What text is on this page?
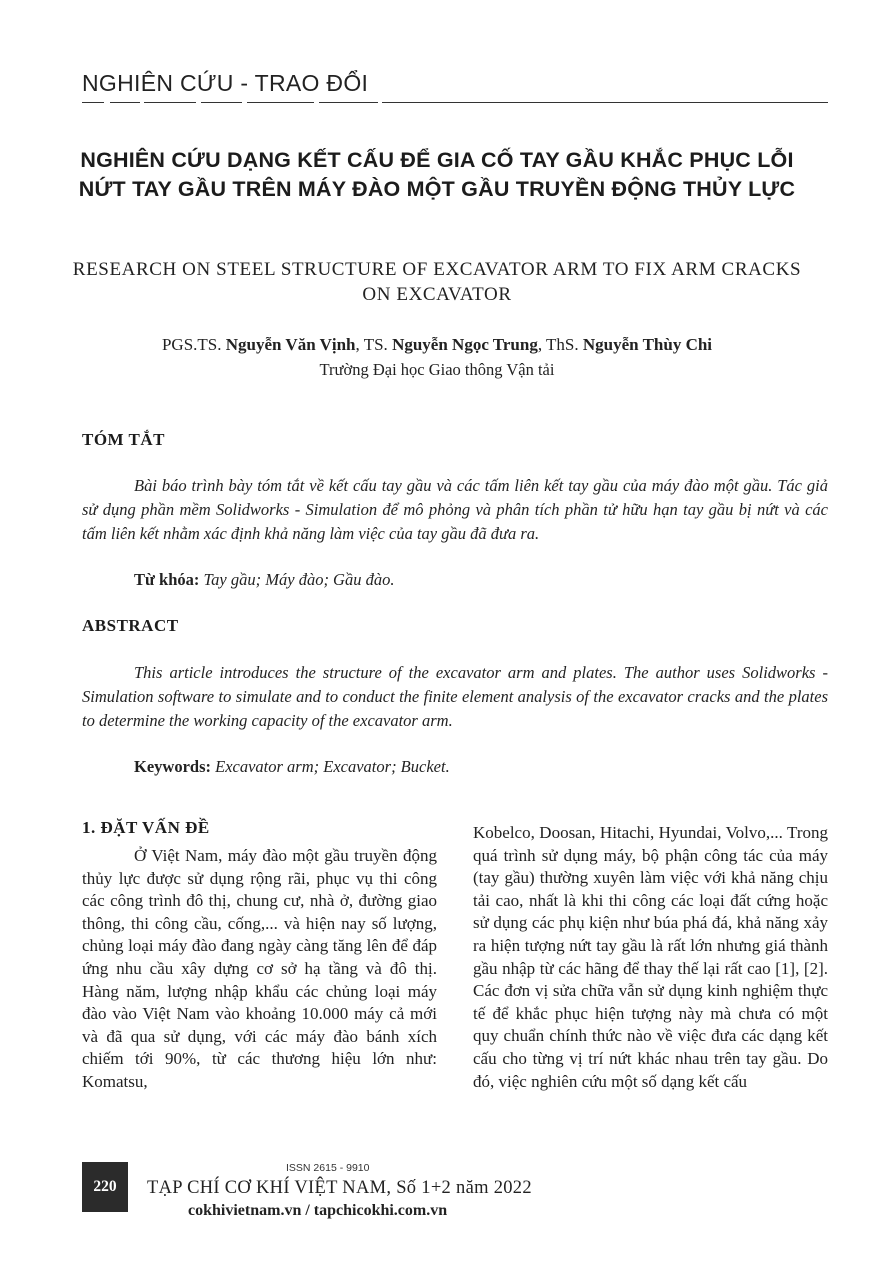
NGHIÊN CỨU - TRAO ĐỔI
NGHIÊN CỨU DẠNG KẾT CẤU ĐỂ GIA CỐ TAY GẦU KHẮC PHỤC LỖI NỨT TAY GẦU TRÊN MÁY ĐÀO MỘT GẦU TRUYỀN ĐỘNG THỦY LỰC
RESEARCH ON STEEL STRUCTURE OF EXCAVATOR ARM TO FIX ARM CRACKS
ON EXCAVATOR
PGS.TS. Nguyễn Văn Vịnh, TS. Nguyễn Ngọc Trung, ThS. Nguyễn Thùy Chi
Trường Đại học Giao thông Vận tải
TÓM TẮT
Bài báo trình bày tóm tắt về kết cấu tay gầu và các tấm liên kết tay gầu của máy đào một gầu. Tác giả sử dụng phần mềm Solidworks - Simulation để mô phỏng và phân tích phần tử hữu hạn tay gầu bị nứt và các tấm liên kết nhằm xác định khả năng làm việc của tay gầu đã đưa ra.
Từ khóa: Tay gầu; Máy đào; Gầu đào.
ABSTRACT
This article introduces the structure of the excavator arm and plates. The author uses Solidworks - Simulation software to simulate and to conduct the finite element analysis of the excavator cracks and the plates to determine the working capacity of the excavator arm.
Keywords: Excavator arm; Excavator; Bucket.
1. ĐẶT VẤN ĐỀ
Ở Việt Nam, máy đào một gầu truyền động thủy lực được sử dụng rộng rãi, phục vụ thi công các công trình đô thị, chung cư, nhà ở, đường giao thông, thi công cầu, cống,... và hiện nay số lượng, chủng loại máy đào đang ngày càng tăng lên để đáp ứng nhu cầu xây dựng cơ sở hạ tầng và đô thị. Hàng năm, lượng nhập khẩu các chủng loại máy đào vào Việt Nam vào khoảng 10.000 máy cả mới và đã qua sử dụng, với các máy đào bánh xích chiếm tới 90%, từ các thương hiệu lớn như: Komatsu,
Kobelco, Doosan, Hitachi, Hyundai, Volvo,... Trong quá trình sử dụng máy, bộ phận công tác của máy (tay gầu) thường xuyên làm việc với khả năng chịu tải cao, nhất là khi thi công các loại đất cứng hoặc sử dụng các phụ kiện như búa phá đá, khả năng xảy ra hiện tượng nứt tay gầu là rất lớn nhưng giá thành gầu nhập từ các hãng để thay thế lại rất cao [1], [2]. Các đơn vị sửa chữa vẫn sử dụng kinh nghiệm thực tế để khắc phục hiện tượng này mà chưa có một quy chuẩn chính thức nào về việc đưa các dạng kết cấu cho từng vị trí nứt khác nhau trên tay gầu. Do đó, việc nghiên cứu một số dạng kết cấu
220
ISSN 2615 - 9910
TẠP CHÍ CƠ KHÍ VIỆT NAM, Số 1+2 năm 2022
cokhivietnam.vn / tapchicokhi.com.vn
